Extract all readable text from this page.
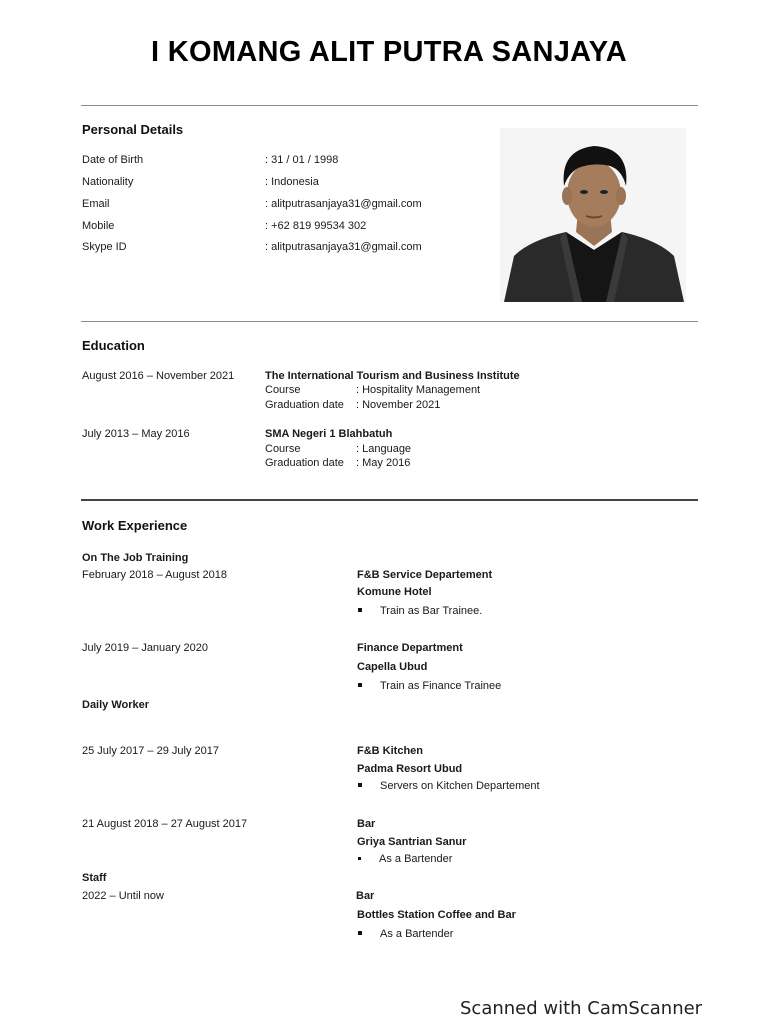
I KOMANG ALIT PUTRA SANJAYA
Personal Details
Date of Birth	: 31 / 01 / 1998
Nationality	: Indonesia
Email	: alitputrasanjaya31@gmail.com
Mobile	: +62 819 99534 302
Skype ID	: alitputrasanjaya31@gmail.com
Education
August 2016 – November 2021	The International Tourism and Business Institute
Course	: Hospitality Management
Graduation date : November 2021
July 2013 – May 2016	SMA Negeri 1 Blahbatuh
Course	: Language
Graduation date : May 2016
Work Experience
On The Job Training
February 2018 – August 2018	F&B Service Departement
Komune Hotel
Train as Bar Trainee.
July 2019 – January 2020	Finance Department
Capella Ubud
Train as Finance Trainee
Daily Worker
25 July 2017 – 29 July 2017	F&B Kitchen
Padma Resort Ubud
Servers on Kitchen Departement
21 August 2018 – 27 August 2017	Bar
Griya Santrian Sanur
As a Bartender
Staff
2022 – Until now	Bar
Bottles Station Coffee and Bar
As a Bartender
Scanned with CamScanner
